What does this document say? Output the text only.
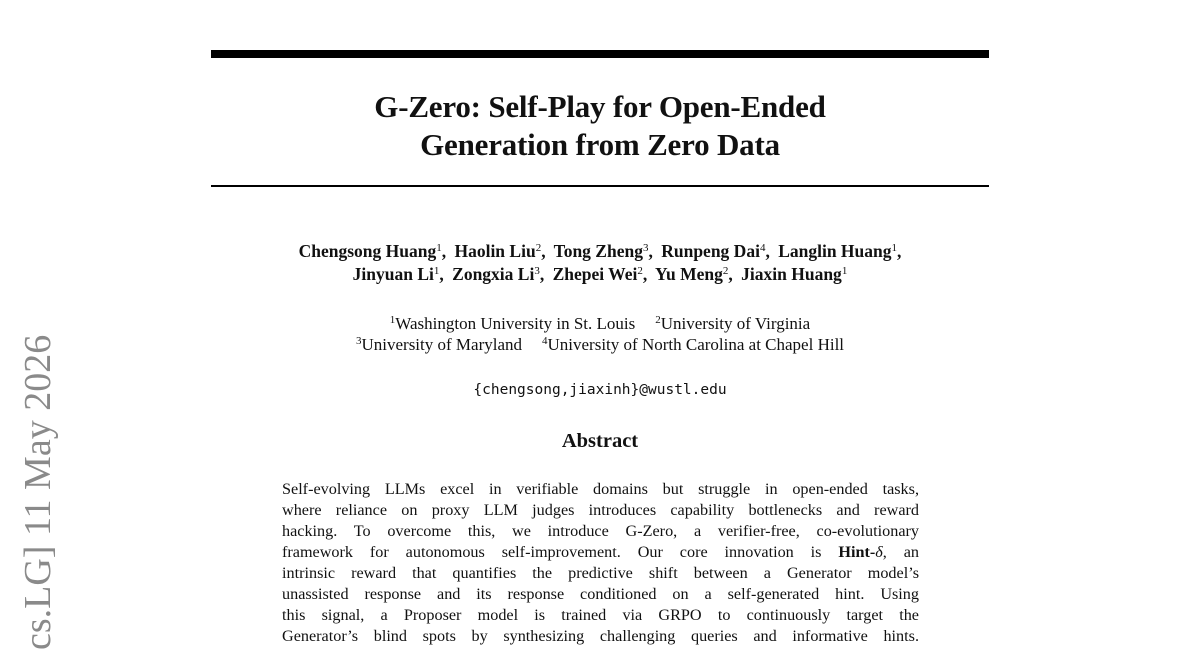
G-Zero: Self-Play for Open-Ended
Generation from Zero Data
Chengsong Huang$^1$, Haolin Liu$^2$, Tong Zheng$^3$, Runpeng Dai$^4$, Langlin Huang$^1$,
Jinyuan Li$^1$, Zongxia Li$^3$, Zhepei Wei$^2$, Yu Meng$^2$, Jiaxin Huang$^1$
$^1$Washington University in St. Louis $^2$University of Virginia
$^3$University of Maryland $^4$University of North Carolina at Chapel Hill
{chengsong,jiaxinh}@wustl.edu
Abstract
Self-evolving LLMs excel in verifiable domains but struggle in open-ended tasks,
where reliance on proxy LLM judges introduces capability bottlenecks and reward
hacking. To overcome this, we introduce G-Zero, a verifier-free, co-evolutionary
framework for autonomous self-improvement. Our core innovation is Hint-δ, an
intrinsic reward that quantifies the predictive shift between a Generator model’s
unassisted response and its response conditioned on a self-generated hint. Using
this signal, a Proposer model is trained via GRPO to continuously target the
Generator’s blind spots by synthesizing challenging queries and informative hints.
cs.LG] 11 May 2026
